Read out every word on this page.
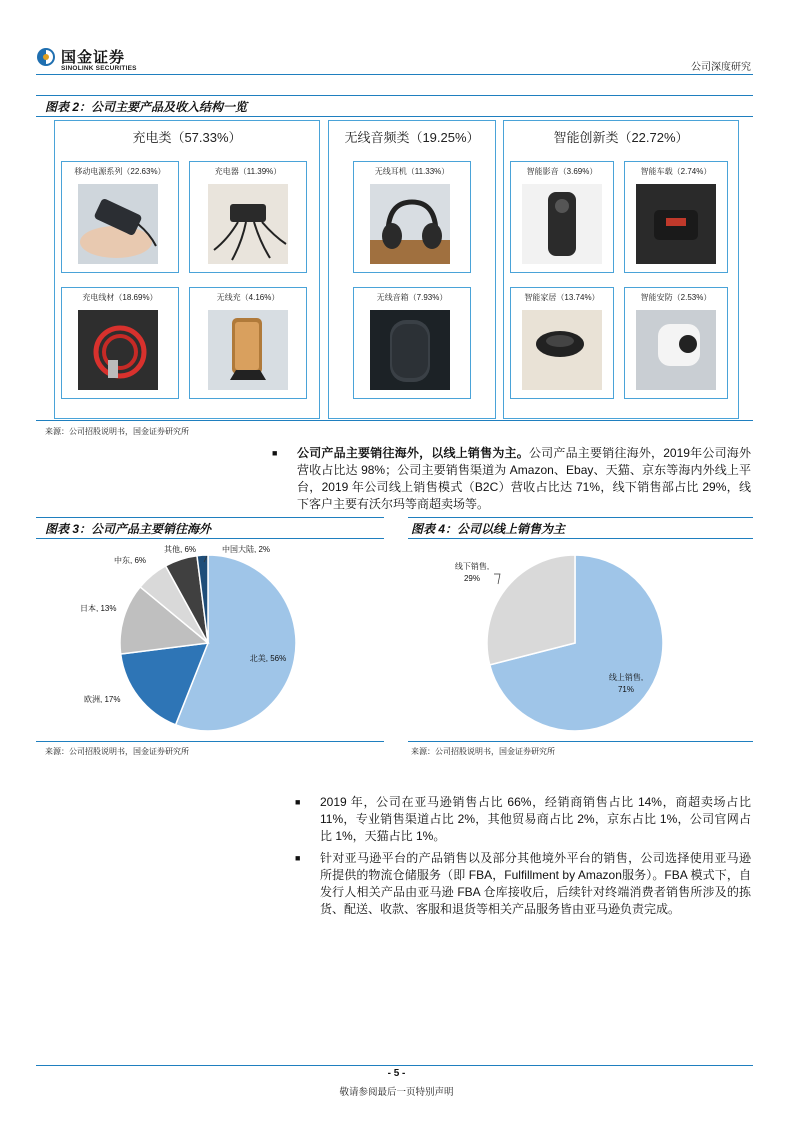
国金证券
SINOLINK SECURITIES	公司深度研究
图表 2：公司主要产品及收入结构一览
充电类（57.33%）
移动电源系列（22.63%）	充电器（11.39%）
充电线材（18.69%）	无线充（4.16%）
无线音频类（19.25%）
无线耳机（11.33%）
无线音箱（7.93%）
智能创新类（22.72%）
智能影音（3.69%）	智能车载（2.74%）
智能家居（13.74%）	智能安防（2.53%）
来源：公司招股说明书，国金证券研究所
■ 公司产品主要销往海外，以线上销售为主。公司产品主要销往海外，2019年公司海外营收占比达 98%；公司主要销售渠道为 Amazon、Ebay、天猫、京东等海内外线上平台，2019 年公司线上销售模式（B2C）营收占比达 71%，线下销售部占比 29%，线下客户主要有沃尔玛等商超卖场等。
图表 3：公司产品主要销往海外
北美, 56%
欧洲, 17%
日本, 13%
中东, 6%
其他, 6%	中国大陆, 2%
来源：公司招股说明书，国金证券研究所
图表 4：公司以线上销售为主
线上销售,
71%
线下销售,
29%
来源：公司招股说明书，国金证券研究所
■ 2019 年，公司在亚马逊销售占比 66%，经销商销售占比 14%，商超卖场占比 11%，专业销售渠道占比 2%，其他贸易商占比 2%，京东占比 1%，公司官网占比 1%，天猫占比 1%。
■ 针对亚马逊平台的产品销售以及部分其他境外平台的销售，公司选择使用亚马逊所提供的物流仓储服务（即 FBA，Fulfillment by Amazon服务）。FBA 模式下，自发行人相关产品由亚马逊 FBA 仓库接收后，后续针对终端消费者销售所涉及的拣货、配送、收款、客服和退货等相关产品服务皆由亚马逊负责完成。
- 5 -
敬请参阅最后一页特别声明
